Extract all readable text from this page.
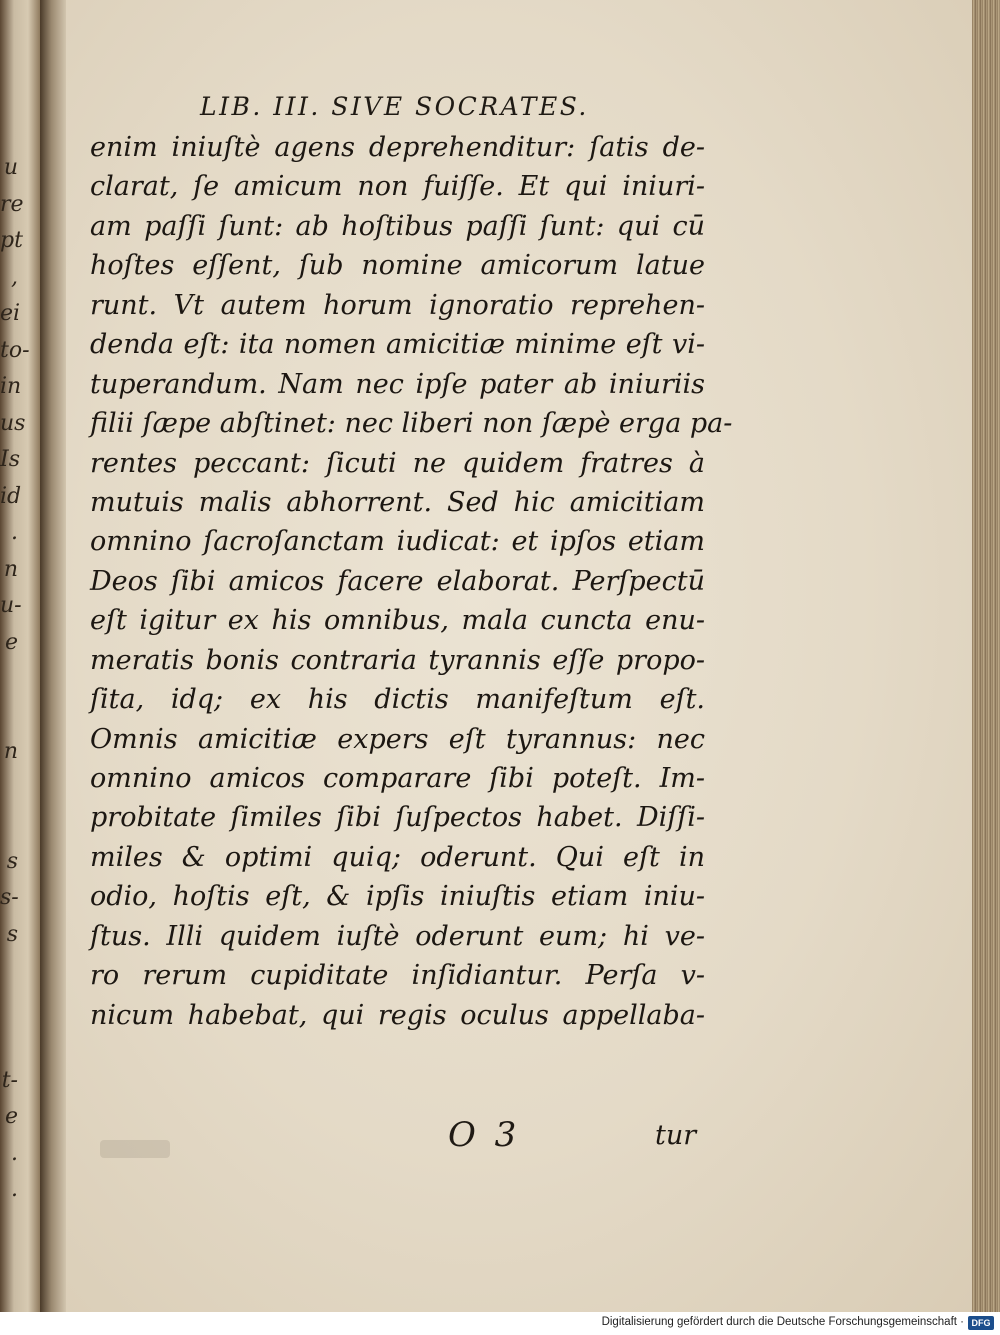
u
re
pt
,
ei
to-
in
us
Is
id
.
n
u-
e

n

s
s-
s

t-
e
.
.
LIB. III. SIVE SOCRATES.
enim iniuſtè agens deprehenditur: ſatis de-
clarat, ſe amicum non fuiſſe. Et qui iniuri-
am paſſi ſunt: ab hoſtibus paſſi ſunt: qui cū
hoſtes eſſent, ſub nomine amicorum latue
runt. Vt autem horum ignoratio reprehen-
denda eſt: ita nomen amicitiæ minime eſt vi-
tuperandum. Nam nec ipſe pater ab iniuriis
filii ſæpe abſtinet: nec liberi non ſæpè erga pa-
rentes peccant: ſicuti ne quidem fratres à
mutuis malis abhorrent. Sed hic amicitiam
omnino ſacroſanctam iudicat: et ipſos etiam
Deos ſibi amicos facere elaborat. Perſpectū
eſt igitur ex his omnibus, mala cuncta enu-
meratis bonis contraria tyrannis eſſe propo-
ſita, idq; ex his dictis manifeſtum eſt.
Omnis amicitiæ expers eſt tyrannus: nec
omnino amicos comparare ſibi poteſt. Im-
probitate ſimiles ſibi ſuſpectos habet. Diſſi-
miles & optimi quiq; oderunt. Qui eſt in
odio, hoſtis eſt, & ipſis iniuſtis etiam iniu-
ſtus. Illi quidem iuſtè oderunt eum; hi ve-
ro rerum cupiditate inſidiantur. Perſa v-
nicum habebat, qui regis oculus appellaba-
O 3	tur
Digitalisierung gefördert durch die Deutsche Forschungsgemeinschaft · DFG
